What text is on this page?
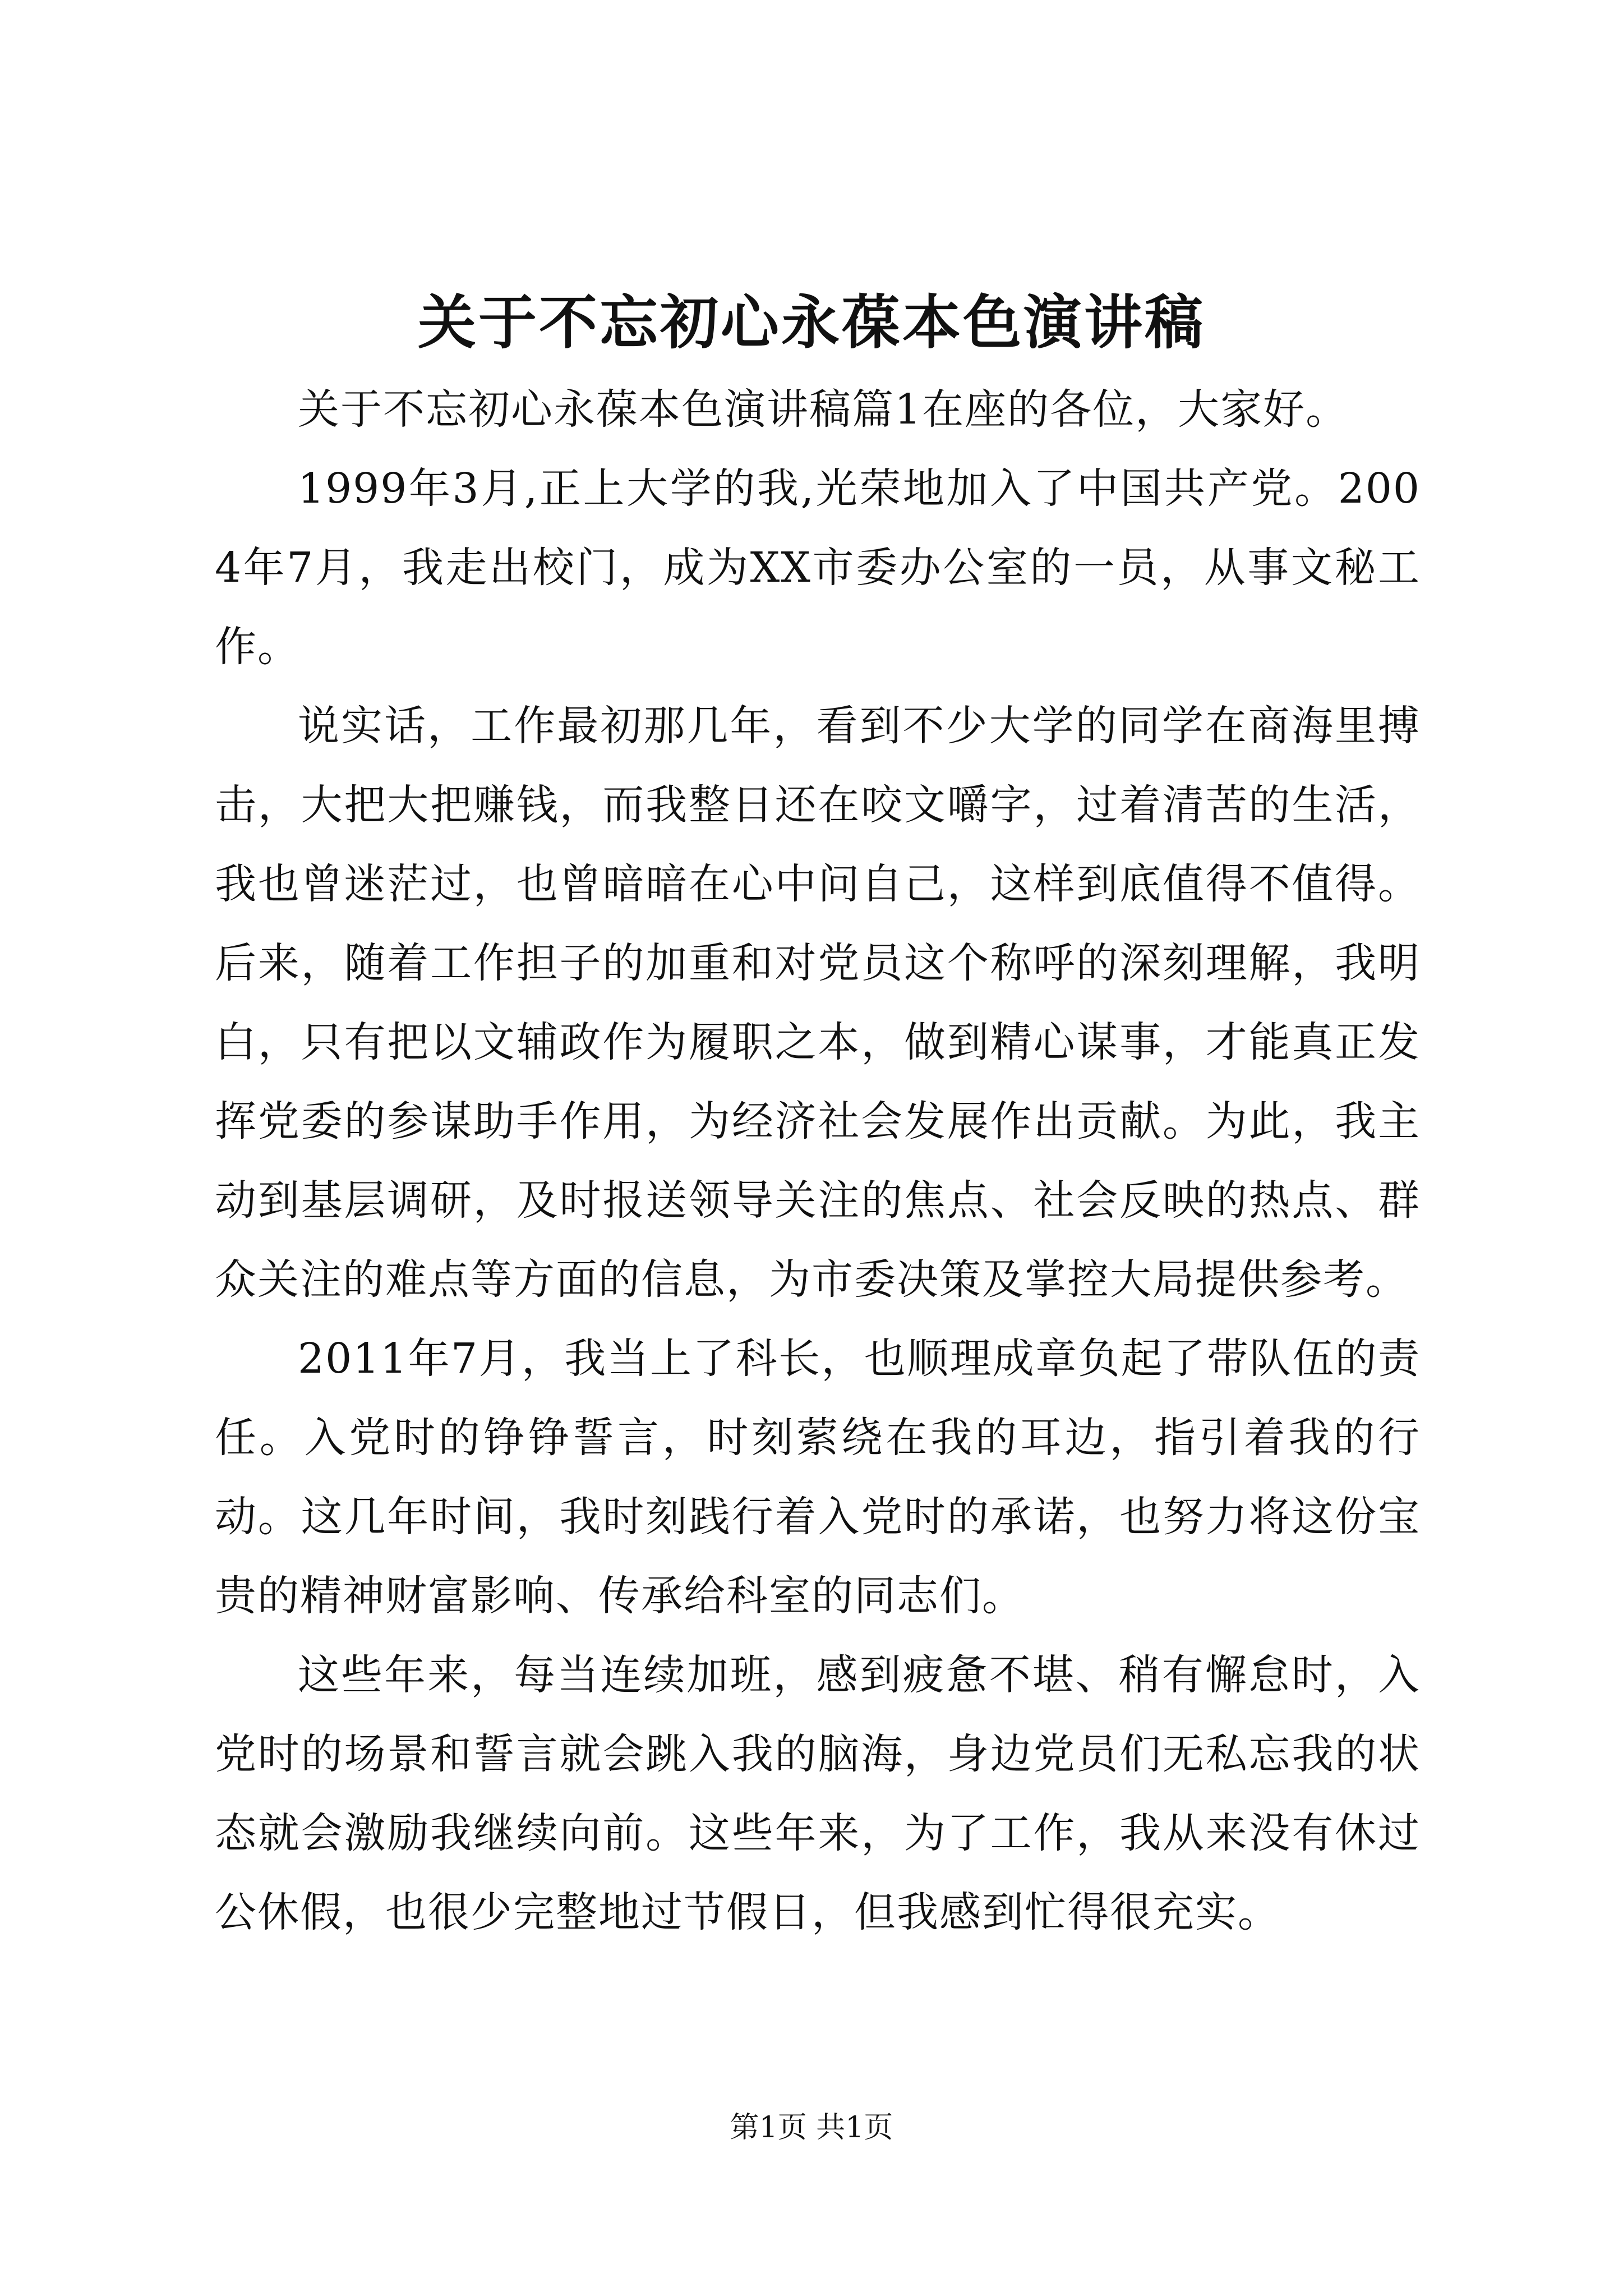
关于不忘初心永葆本色演讲稿

关于不忘初心永葆本色演讲稿篇1在座的各位，大家好。

1999年3月,正上大学的我,光荣地加入了中国共产党。2004年7月，我走出校门，成为XX市委办公室的一员，从事文秘工作。

说实话，工作最初那几年，看到不少大学的同学在商海里搏击，大把大把赚钱，而我整日还在咬文嚼字，过着清苦的生活，我也曾迷茫过，也曾暗暗在心中问自己，这样到底值得不值得。后来，随着工作担子的加重和对党员这个称呼的深刻理解，我明白，只有把以文辅政作为履职之本，做到精心谋事，才能真正发挥党委的参谋助手作用，为经济社会发展作出贡献。为此，我主动到基层调研，及时报送领导关注的焦点、社会反映的热点、群众关注的难点等方面的信息，为市委决策及掌控大局提供参考。

2011年7月，我当上了科长，也顺理成章负起了带队伍的责任。入党时的铮铮誓言，时刻萦绕在我的耳边，指引着我的行动。这几年时间，我时刻践行着入党时的承诺，也努力将这份宝贵的精神财富影响、传承给科室的同志们。

这些年来，每当连续加班，感到疲惫不堪、稍有懈怠时，入党时的场景和誓言就会跳入我的脑海，身边党员们无私忘我的状态就会激励我继续向前。这些年来，为了工作，我从来没有休过公休假，也很少完整地过节假日，但我感到忙得很充实。

第1页 共1页
